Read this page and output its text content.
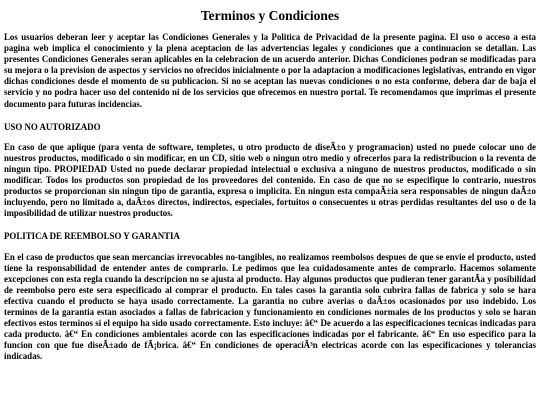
Terminos y Condiciones

Los usuarios deberan leer y aceptar las Condiciones Generales y la Politica de Privacidad de la presente pagina. El uso o acceso a esta pagina web implica el conocimiento y la plena aceptacion de las advertencias legales y condiciones que a continuacion se detallan. Las presentes Condiciones Generales seran aplicables en la celebracion de un acuerdo anterior. Dichas Condiciones podran se modificadas para su mejora o la prevision de aspectos y servicios no ofrecidos inicialmente o por la adaptacion a modificaciones legislativas, entrando en vigor dichas condiciones desde el momento de su publicacion. Si no se aceptan las nuevas condiciones o no esta conforme, debera dar de baja el servicio y no podra hacer uso del contenido ni de los servicios que ofrecemos en nuestro portal. Te recomendamos que imprimas el presente documento para futuras incidencias.

USO NO AUTORIZADO

En caso de que aplique (para venta de software, templetes, u otro producto de diseÃ±o y programacion) usted no puede colocar uno de nuestros productos, modificado o sin modificar, en un CD, sitio web o ningun otro medio y ofrecerlos para la redistribucion o la reventa de ningun tipo. PROPIEDAD Usted no puede declarar propiedad intelectual o exclusiva a ninguno de nuestros productos, modificado o sin modificar. Todos los productos son propiedad de los proveedores del contenido. En caso de que no se especifique lo contrario, nuestros productos se proporcionan sin ningun tipo de garantia, expresa o implicita. En ningun esta compaÃ±ia sera responsables de ningun daÃ±o incluyendo, pero no limitado a, daÃ±os directos, indirectos, especiales, fortuitos o consecuentes u otras perdidas resultantes del uso o de la imposibilidad de utilizar nuestros productos.

POLITICA DE REEMBOLSO Y GARANTIA

En el caso de productos que sean mercancias irrevocables no-tangibles, no realizamos reembolsos despues de que se envie el producto, usted tiene la responsabilidad de entender antes de comprarlo. Le pedimos que lea cuidadosamente antes de comprarlo. Hacemos solamente excepciones con esta regla cuando la descripcion no se ajusta al producto. Hay algunos productos que pudieran tener garantÃa y posibilidad de reembolso pero este sera especificado al comprar el producto. En tales casos la garantia solo cubrira fallas de fabrica y solo se hara efectiva cuando el producto se haya usado correctamente. La garantia no cubre averias o daÃ±os ocasionados por uso indebido. Los terminos de la garantia estan asociados a fallas de fabricacion y funcionamiento en condiciones normales de los productos y solo se haran efectivos estos terminos si el equipo ha sido usado correctamente. Esto incluye: â€“ De acuerdo a las especificaciones tecnicas indicadas para cada producto. â€“ En condiciones ambientales acorde con las especificaciones indicadas por el fabricante. â€“ En uso especifico para la funcion con que fue diseÃ±ado de fÃ¡brica. â€“ En condiciones de operaciÃ³n electricas acorde con las especificaciones y tolerancias indicadas.
